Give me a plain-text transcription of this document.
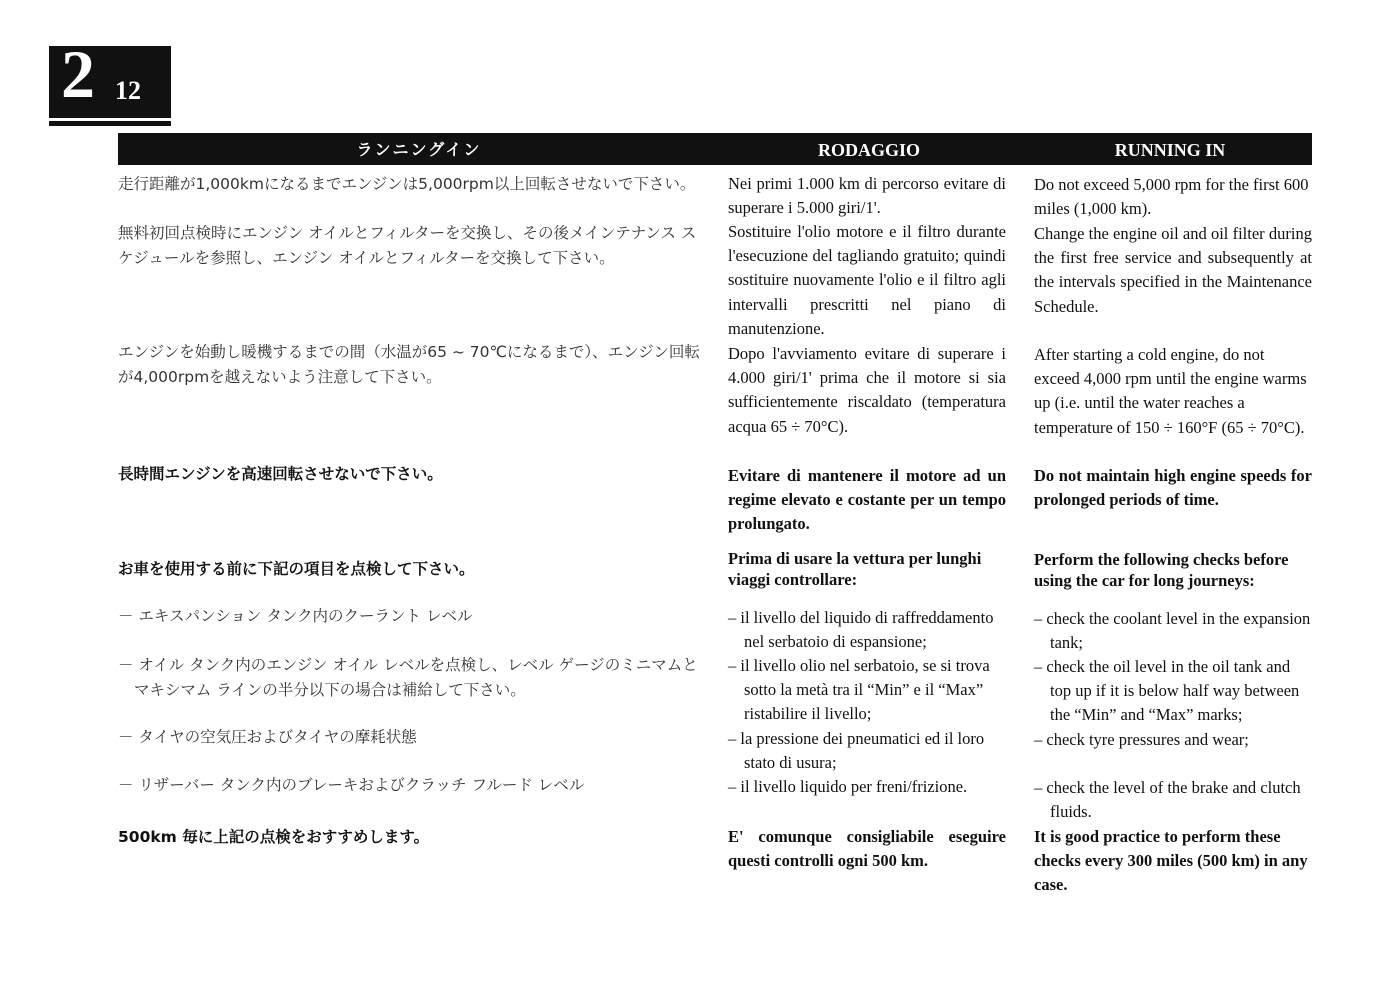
2 12
ランニングイン	RODAGGIO	RUNNING IN

走行距離が1,000kmになるまでエンジンは5,000rpm以上回転させないで下さい。

無料初回点検時にエンジン オイルとフィルターを交換し、その後メインテナンス スケジュールを参照し、エンジン オイルとフィルターを交換して下さい。

エンジンを始動し暖機するまでの間（水温が65 ~ 70℃になるまで）、エンジン回転が4,000rpmを越えないよう注意して下さい。

長時間エンジンを高速回転させないで下さい。

お車を使用する前に下記の項目を点検して下さい。

－ エキスパンション タンク内のクーラント レベル

－ オイル タンク内のエンジン オイル レベルを点検し、レベル ゲージのミニマムとマキシマム ラインの半分以下の場合は補給して下さい。

－ タイヤの空気圧およびタイヤの摩耗状態

－ リザーバー タンク内のブレーキおよびクラッチ フルード レベル

500km 毎に上記の点検をおすすめします。

Nei primi 1.000 km di percorso evitare di superare i 5.000 giri/1'.

Sostituire l'olio motore e il filtro durante l'esecuzione del tagliando gratuito; quindi sostituire nuovamente l'olio e il filtro agli intervalli prescritti nel piano di manutenzione.

Dopo l'avviamento evitare di superare i 4.000 giri/1' prima che il motore si sia sufficientemente riscaldato (temperatura acqua 65 ÷ 70°C).

Evitare di mantenere il motore ad un regime elevato e costante per un tempo prolungato.

Prima di usare la vettura per lunghi viaggi controllare:

– il livello del liquido di raffreddamento nel serbatoio di espansione;

– il livello olio nel serbatoio, se si trova sotto la metà tra il “Min” e il “Max” ristabilire il livello;

– la pressione dei pneumatici ed il loro stato di usura;

– il livello liquido per freni/frizione.

E' comunque consigliabile eseguire questi controlli ogni 500 km.

Do not exceed 5,000 rpm for the first 600 miles (1,000 km).

Change the engine oil and oil filter during the first free service and subsequently at the intervals specified in the Maintenance Schedule.

After starting a cold engine, do not exceed 4,000 rpm until the engine warms up (i.e. until the water reaches a temperature of 150 ÷ 160°F (65 ÷ 70°C).

Do not maintain high engine speeds for prolonged periods of time.

Perform the following checks before using the car for long journeys:

– check the coolant level in the expansion tank;

– check the oil level in the oil tank and top up if it is below half way between the “Min” and “Max” marks;

– check tyre pressures and wear;

– check the level of the brake and clutch fluids.

It is good practice to perform these checks every 300 miles (500 km) in any case.
